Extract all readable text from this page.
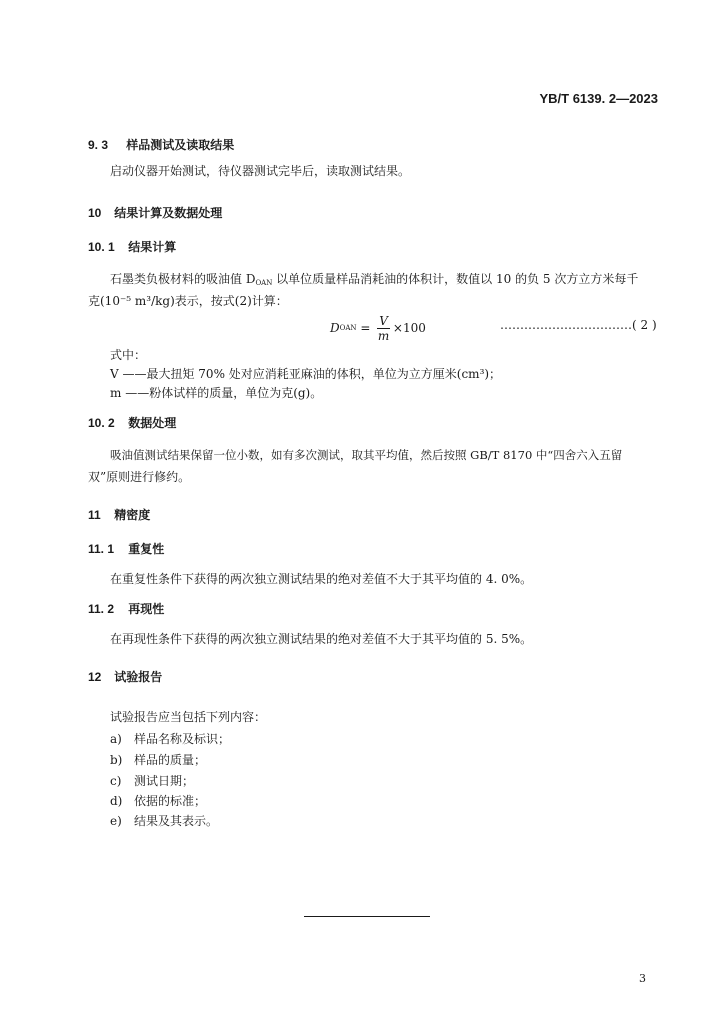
YB/T 6139. 2—2023
9. 3 样品测试及读取结果
启动仪器开始测试，待仪器测试完毕后，读取测试结果。
10 结果计算及数据处理
10. 1 结果计算
石墨类负极材料的吸油值 DOAN 以单位质量样品消耗油的体积计，数值以 10 的负 5 次方立方米每千
克(10⁻⁵ m³/kg)表示，按式(2)计算：
D OAN = $\frac{V}{m} \times 100$	……………………………( 2 )
式中：
V ——最大扭矩 70% 处对应消耗亚麻油的体积，单位为立方厘米(cm³)；
m ——粉体试样的质量，单位为克(g)。
10. 2 数据处理
吸油值测试结果保留一位小数，如有多次测试，取其平均值，然后按照 GB/T 8170 中“四舍六入五留
双”原则进行修约。
11 精密度
11. 1 重复性
在重复性条件下获得的两次独立测试结果的绝对差值不大于其平均值的 4. 0%。
11. 2 再现性
在再现性条件下获得的两次独立测试结果的绝对差值不大于其平均值的 5. 5%。
12 试验报告
试验报告应当包括下列内容：
a) 样品名称及标识；
b) 样品的质量；
c) 测试日期；
d) 依据的标准；
e) 结果及其表示。
3
